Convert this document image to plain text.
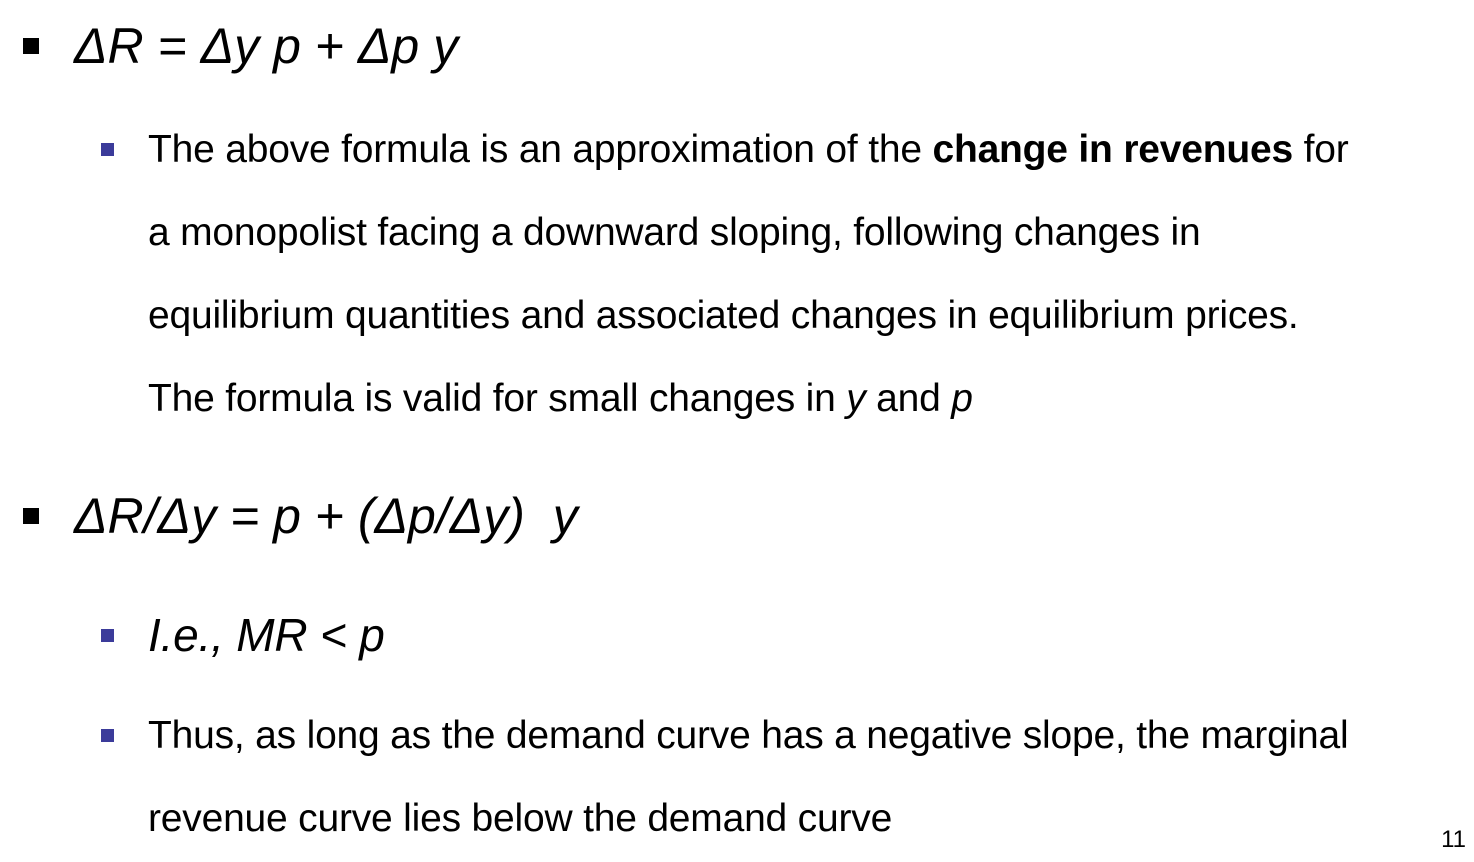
ΔR = Δy p + Δp y
The above formula is an approximation of the change in revenues for
a monopolist facing a downward sloping, following changes in
equilibrium quantities and associated changes in equilibrium prices.
The formula is valid for small changes in y and p
ΔR/Δy = p + (Δp/Δy)  y
I.e., MR < p
Thus, as long as the demand curve has a negative slope, the marginal
revenue curve lies below the demand curve	11
